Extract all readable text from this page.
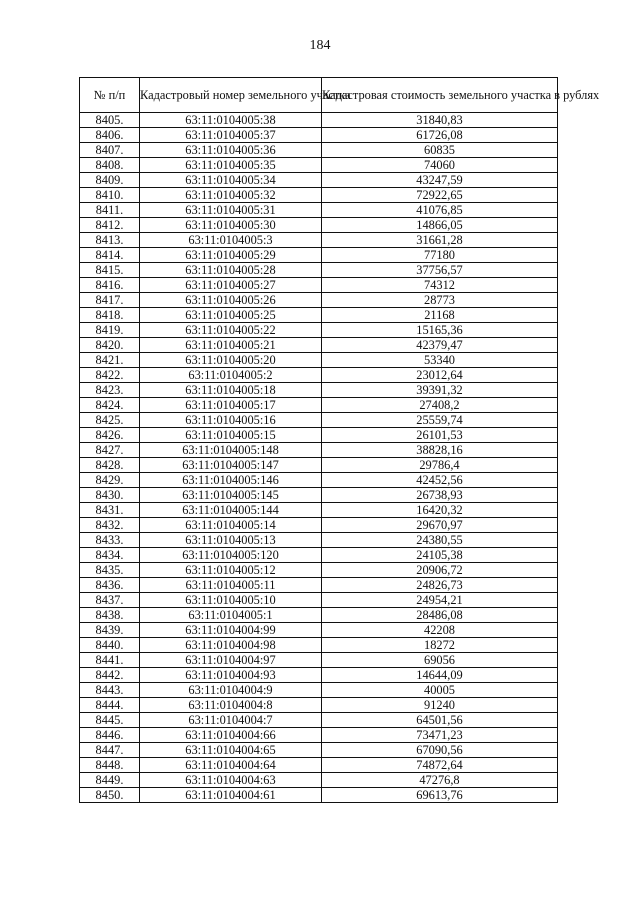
184
№ п/п	Кадастровый номер земельного участка	Кадастровая стоимость земельного участка в рублях
8405.	63:11:0104005:38	31840,83
8406.	63:11:0104005:37	61726,08
8407.	63:11:0104005:36	60835
8408.	63:11:0104005:35	74060
8409.	63:11:0104005:34	43247,59
8410.	63:11:0104005:32	72922,65
8411.	63:11:0104005:31	41076,85
8412.	63:11:0104005:30	14866,05
8413.	63:11:0104005:3	31661,28
8414.	63:11:0104005:29	77180
8415.	63:11:0104005:28	37756,57
8416.	63:11:0104005:27	74312
8417.	63:11:0104005:26	28773
8418.	63:11:0104005:25	21168
8419.	63:11:0104005:22	15165,36
8420.	63:11:0104005:21	42379,47
8421.	63:11:0104005:20	53340
8422.	63:11:0104005:2	23012,64
8423.	63:11:0104005:18	39391,32
8424.	63:11:0104005:17	27408,2
8425.	63:11:0104005:16	25559,74
8426.	63:11:0104005:15	26101,53
8427.	63:11:0104005:148	38828,16
8428.	63:11:0104005:147	29786,4
8429.	63:11:0104005:146	42452,56
8430.	63:11:0104005:145	26738,93
8431.	63:11:0104005:144	16420,32
8432.	63:11:0104005:14	29670,97
8433.	63:11:0104005:13	24380,55
8434.	63:11:0104005:120	24105,38
8435.	63:11:0104005:12	20906,72
8436.	63:11:0104005:11	24826,73
8437.	63:11:0104005:10	24954,21
8438.	63:11:0104005:1	28486,08
8439.	63:11:0104004:99	42208
8440.	63:11:0104004:98	18272
8441.	63:11:0104004:97	69056
8442.	63:11:0104004:93	14644,09
8443.	63:11:0104004:9	40005
8444.	63:11:0104004:8	91240
8445.	63:11:0104004:7	64501,56
8446.	63:11:0104004:66	73471,23
8447.	63:11:0104004:65	67090,56
8448.	63:11:0104004:64	74872,64
8449.	63:11:0104004:63	47276,8
8450.	63:11:0104004:61	69613,76
